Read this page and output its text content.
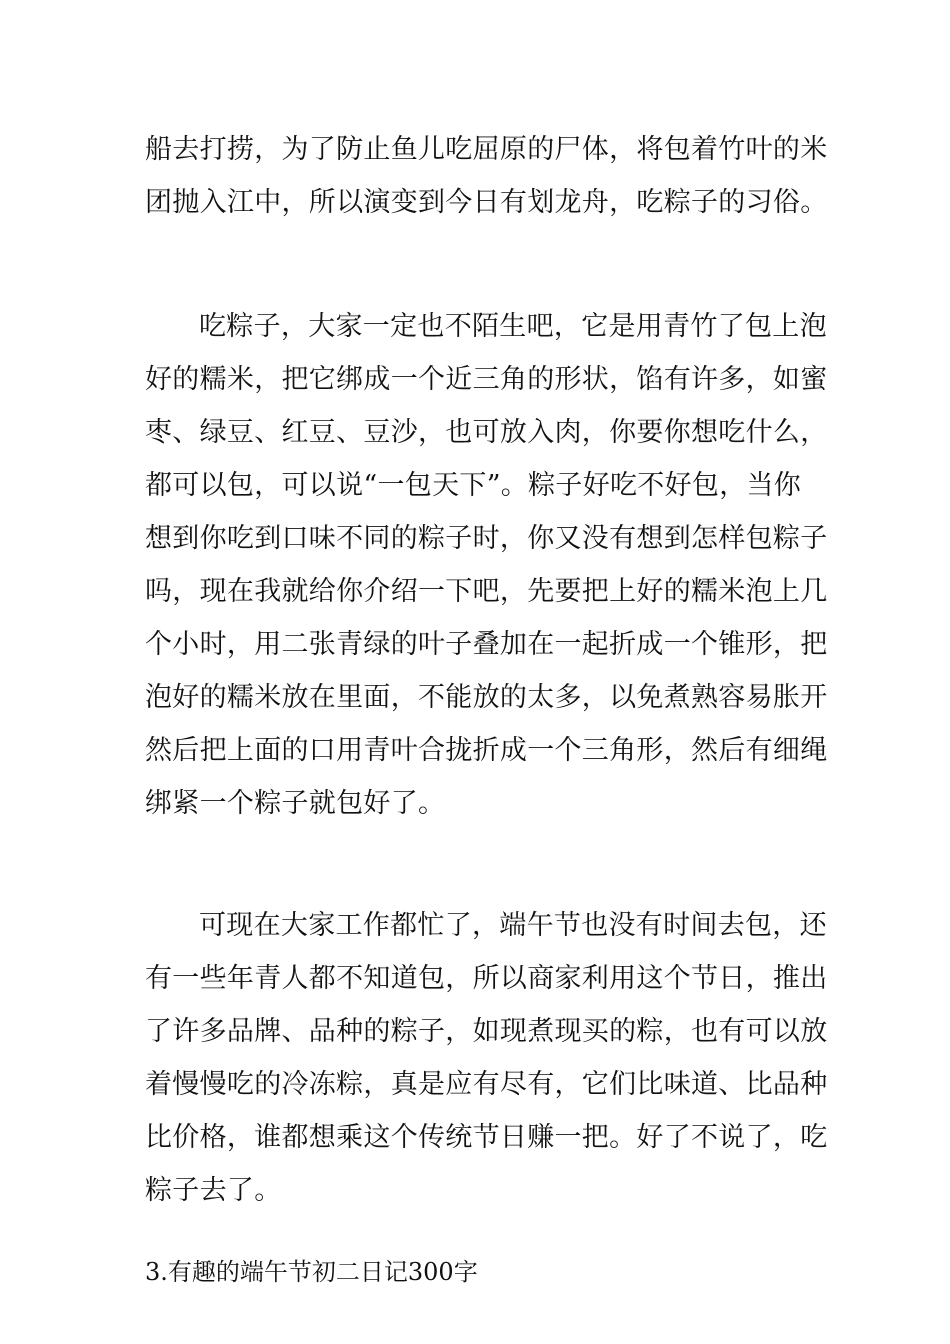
船去打捞，为了防止鱼儿吃屈原的尸体，将包着竹叶的米
团抛入江中，所以演变到今日有划龙舟，吃粽子的习俗。
吃粽子，大家一定也不陌生吧，它是用青竹了包上泡
好的糯米，把它绑成一个近三角的形状，馅有许多，如蜜
枣、绿豆、红豆、豆沙，也可放入肉，你要你想吃什么，
都可以包，可以说“一包天下”。粽子好吃不好包，当你
想到你吃到口味不同的粽子时，你又没有想到怎样包粽子
吗，现在我就给你介绍一下吧，先要把上好的糯米泡上几
个小时，用二张青绿的叶子叠加在一起折成一个锥形，把
泡好的糯米放在里面，不能放的太多，以免煮熟容易胀开
然后把上面的口用青叶合拢折成一个三角形，然后有细绳
绑紧一个粽子就包好了。
可现在大家工作都忙了，端午节也没有时间去包，还
有一些年青人都不知道包，所以商家利用这个节日，推出
了许多品牌、品种的粽子，如现煮现买的粽，也有可以放
着慢慢吃的冷冻粽，真是应有尽有，它们比味道、比品种
比价格，谁都想乘这个传统节日赚一把。好了不说了，吃
粽子去了。
3.有趣的端午节初二日记300字
